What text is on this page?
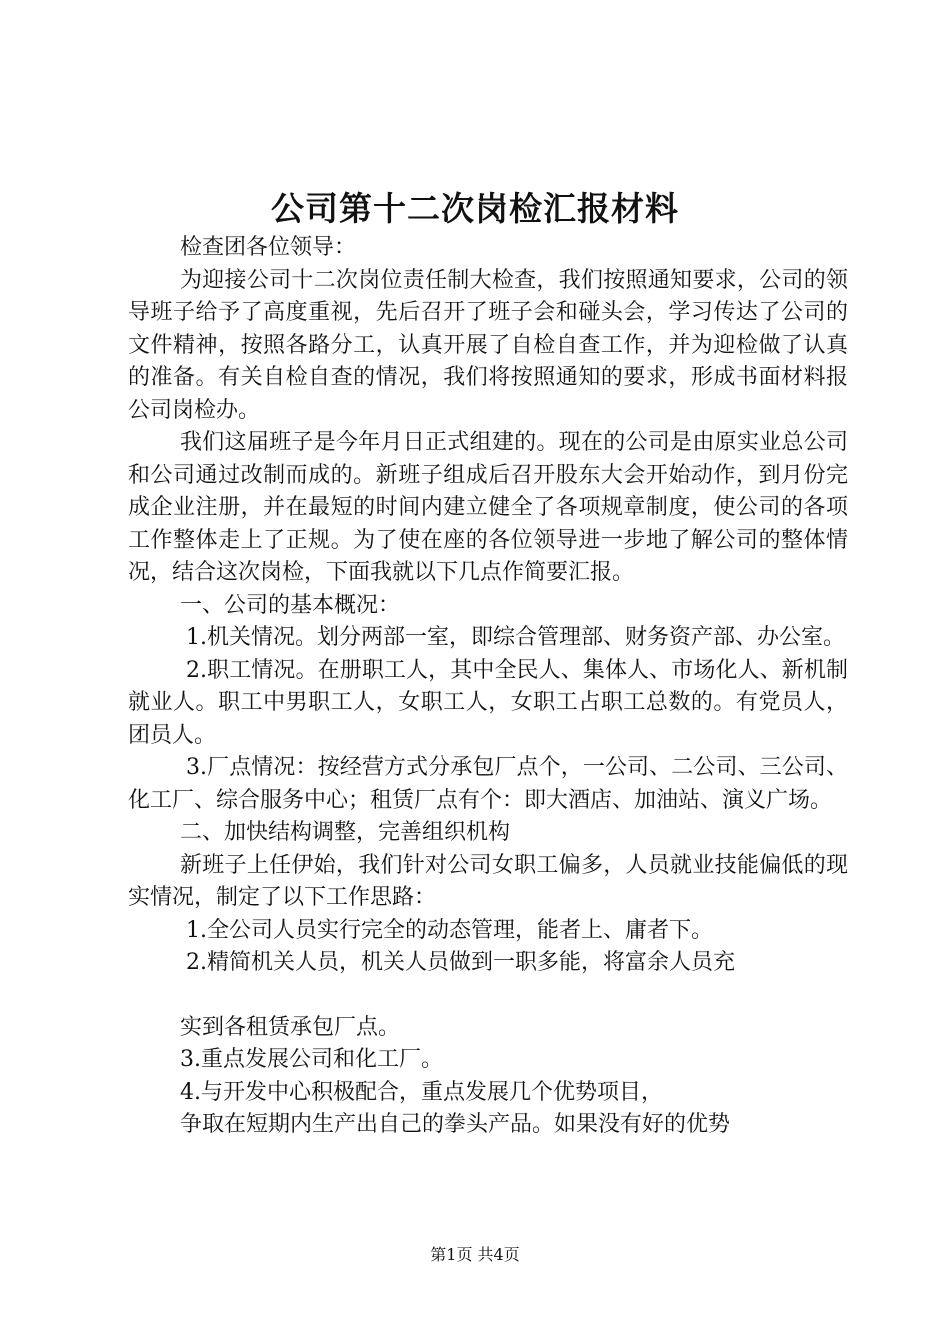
公司第十二次岗检汇报材料

检查团各位领导：

为迎接公司十二次岗位责任制大检查，我们按照通知要求，公司的领导班子给予了高度重视，先后召开了班子会和碰头会，学习传达了公司的文件精神，按照各路分工，认真开展了自检自查工作，并为迎检做了认真的准备。有关自检自查的情况，我们将按照通知的要求，形成书面材料报公司岗检办。

我们这届班子是今年月日正式组建的。现在的公司是由原实业总公司和公司通过改制而成的。新班子组成后召开股东大会开始动作，到月份完成企业注册，并在最短的时间内建立健全了各项规章制度，使公司的各项工作整体走上了正规。为了使在座的各位领导进一步地了解公司的整体情况，结合这次岗检，下面我就以下几点作简要汇报。

一、公司的基本概况：

1.机关情况。划分两部一室，即综合管理部、财务资产部、办公室。

2.职工情况。在册职工人，其中全民人、集体人、市场化人、新机制就业人。职工中男职工人，女职工人，女职工占职工总数的。有党员人，团员人。

3.厂点情况：按经营方式分承包厂点个，一公司、二公司、三公司、化工厂、综合服务中心；租赁厂点有个：即大酒店、加油站、演义广场。

二、加快结构调整，完善组织机构

新班子上任伊始，我们针对公司女职工偏多，人员就业技能偏低的现实情况，制定了以下工作思路：

1.全公司人员实行完全的动态管理，能者上、庸者下。

2.精简机关人员，机关人员做到一职多能，将富余人员充

实到各租赁承包厂点。

3.重点发展公司和化工厂。

4.与开发中心积极配合，重点发展几个优势项目，

争取在短期内生产出自己的拳头产品。如果没有好的优势

第1页 共4页
